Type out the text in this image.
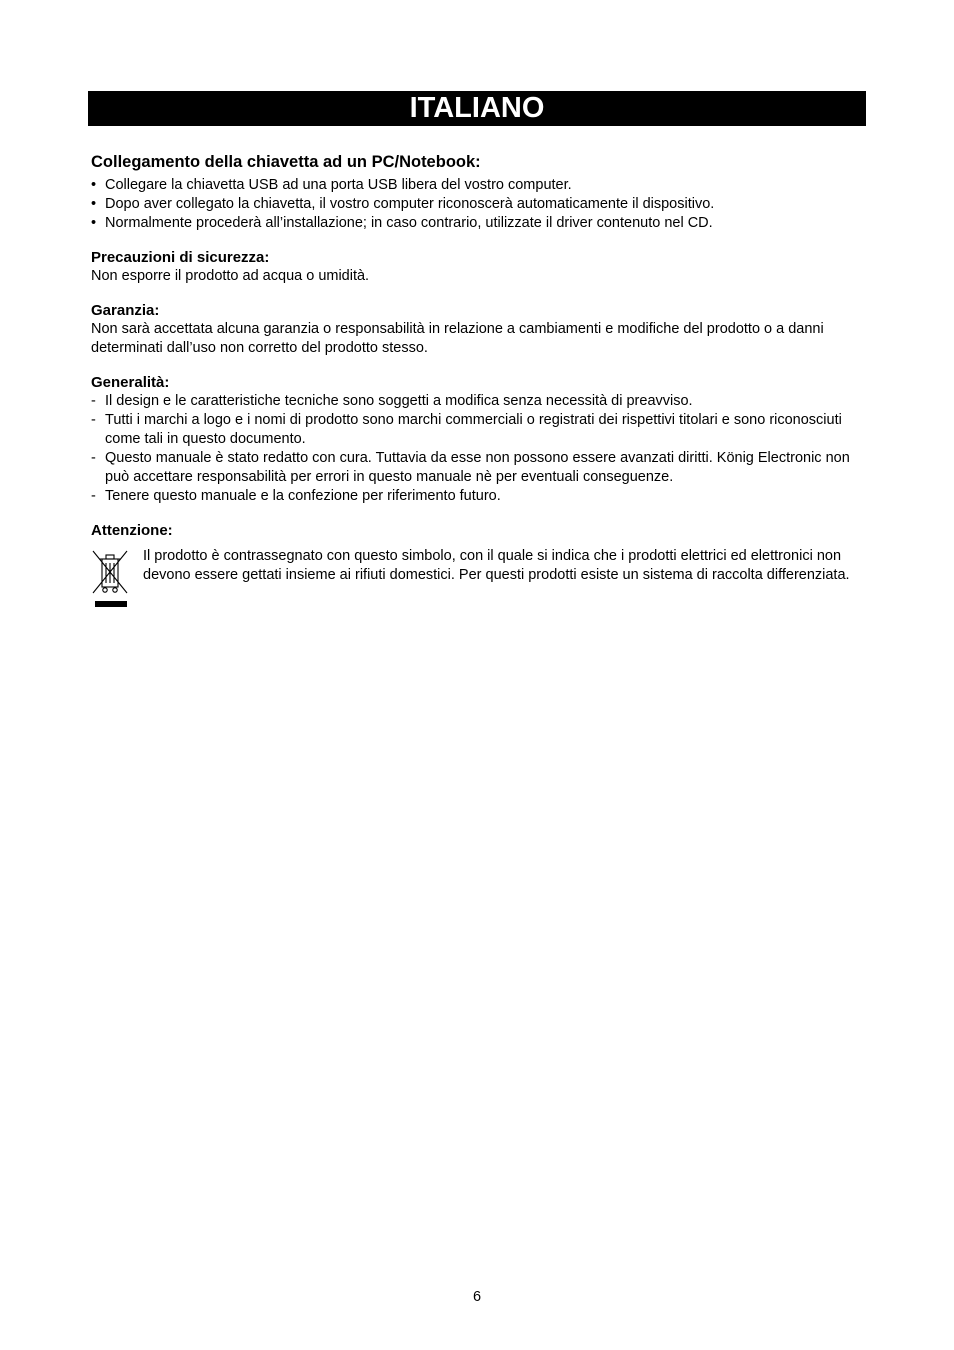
ITALIANO
Collegamento della chiavetta ad un PC/Notebook:
• Collegare la chiavetta USB ad una porta USB libera del vostro computer.
• Dopo aver collegato la chiavetta, il vostro computer riconoscerà automaticamente il dispositivo.
• Normalmente procederà all’installazione; in caso contrario, utilizzate il driver contenuto nel CD.
Precauzioni di sicurezza:
Non esporre il prodotto ad acqua o umidità.
Garanzia:
Non sarà accettata alcuna garanzia o responsabilità in relazione a cambiamenti e modifiche del prodotto o a danni determinati dall’uso non corretto del prodotto stesso.
Generalità:
- Il design e le caratteristiche tecniche sono soggetti a modifica senza necessità di preavviso.
- Tutti i marchi a logo e i nomi di prodotto sono marchi commerciali o registrati dei rispettivi titolari e sono riconosciuti come tali in questo documento.
- Questo manuale è stato redatto con cura. Tuttavia da esse non possono essere avanzati diritti. König Electronic non può accettare responsabilità per errori in questo manuale nè per eventuali conseguenze.
- Tenere questo manuale e la confezione per riferimento futuro.
Attenzione:
Il prodotto è contrassegnato con questo simbolo, con il quale si indica che i prodotti elettrici ed elettronici non devono essere gettati insieme ai rifiuti domestici. Per questi prodotti esiste un sistema di raccolta differenziata.
6
